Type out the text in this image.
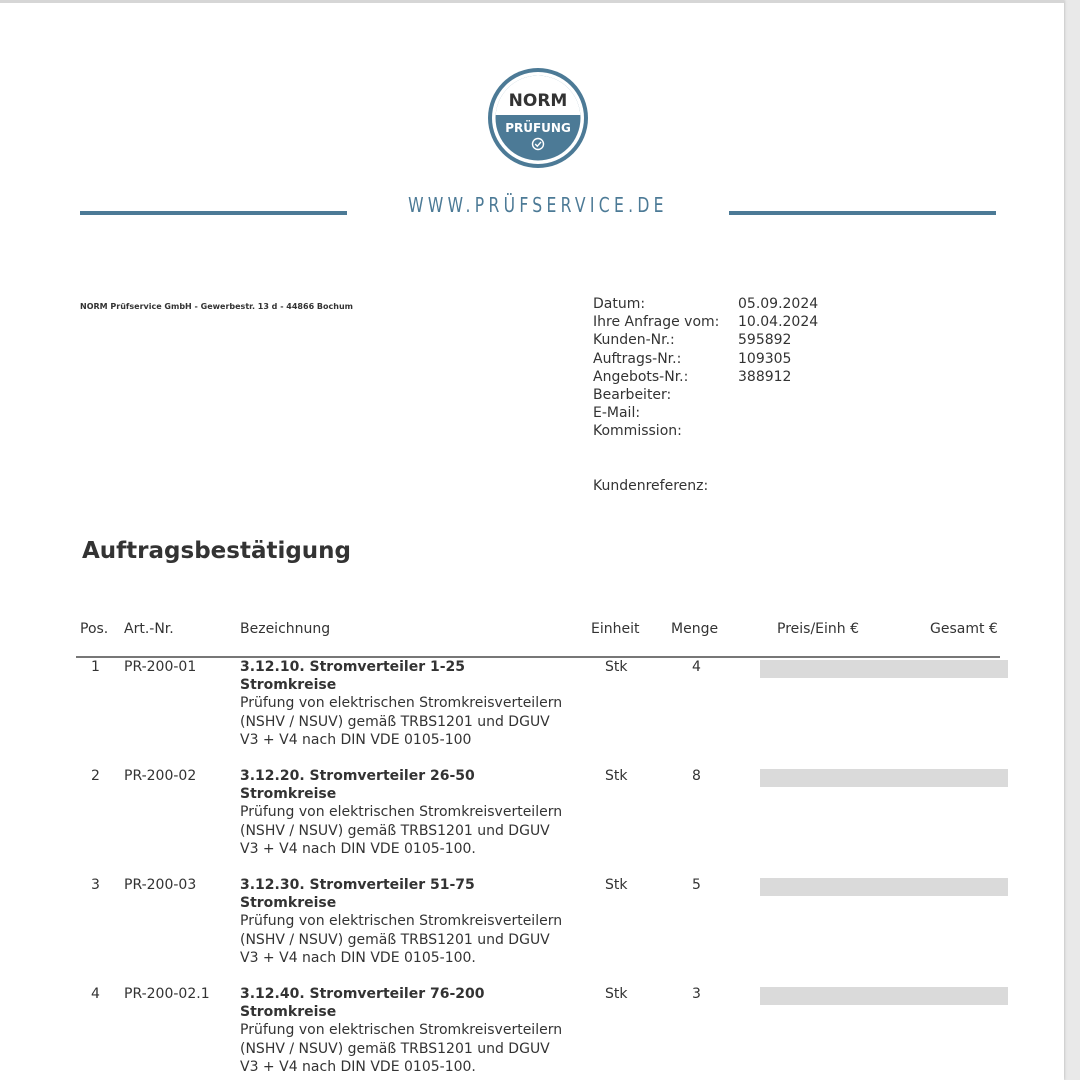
NORM
PRÜFUNG
WWW.PRÜFSERVICE.DE
NORM Prüfservice GmbH - Gewerbestr. 13 d - 44866 Bochum	Datum:	05.09.2024
Ihre Anfrage vom:	10.04.2024
Kunden-Nr.:	595892
Auftrags-Nr.:	109305
Angebots-Nr.:	388912
Bearbeiter:
E-Mail:
Kommission:
Kundenreferenz:
Auftragsbestätigung
Pos. Art.-Nr.	Bezeichnung	Einheit Menge	Preis/Einh €	Gesamt €
1 PR-200-01	3.12.10. Stromverteiler 1-25
Stromkreise
Prüfung von elektrischen Stromkreisverteilern
(NSHV / NSUV) gemäß TRBS1201 und DGUV
V3 + V4 nach DIN VDE 0105-100
Stk	4
2 PR-200-02	3.12.20. Stromverteiler 26-50
Stromkreise
Prüfung von elektrischen Stromkreisverteilern
(NSHV / NSUV) gemäß TRBS1201 und DGUV
V3 + V4 nach DIN VDE 0105-100.
Stk	8
3 PR-200-03	3.12.30. Stromverteiler 51-75
Stromkreise
Prüfung von elektrischen Stromkreisverteilern
(NSHV / NSUV) gemäß TRBS1201 und DGUV
V3 + V4 nach DIN VDE 0105-100.
Stk	5
4 PR-200-02.1 3.12.40. Stromverteiler 76-200
Stromkreise
Prüfung von elektrischen Stromkreisverteilern
(NSHV / NSUV) gemäß TRBS1201 und DGUV
V3 + V4 nach DIN VDE 0105-100.
Stk	3
